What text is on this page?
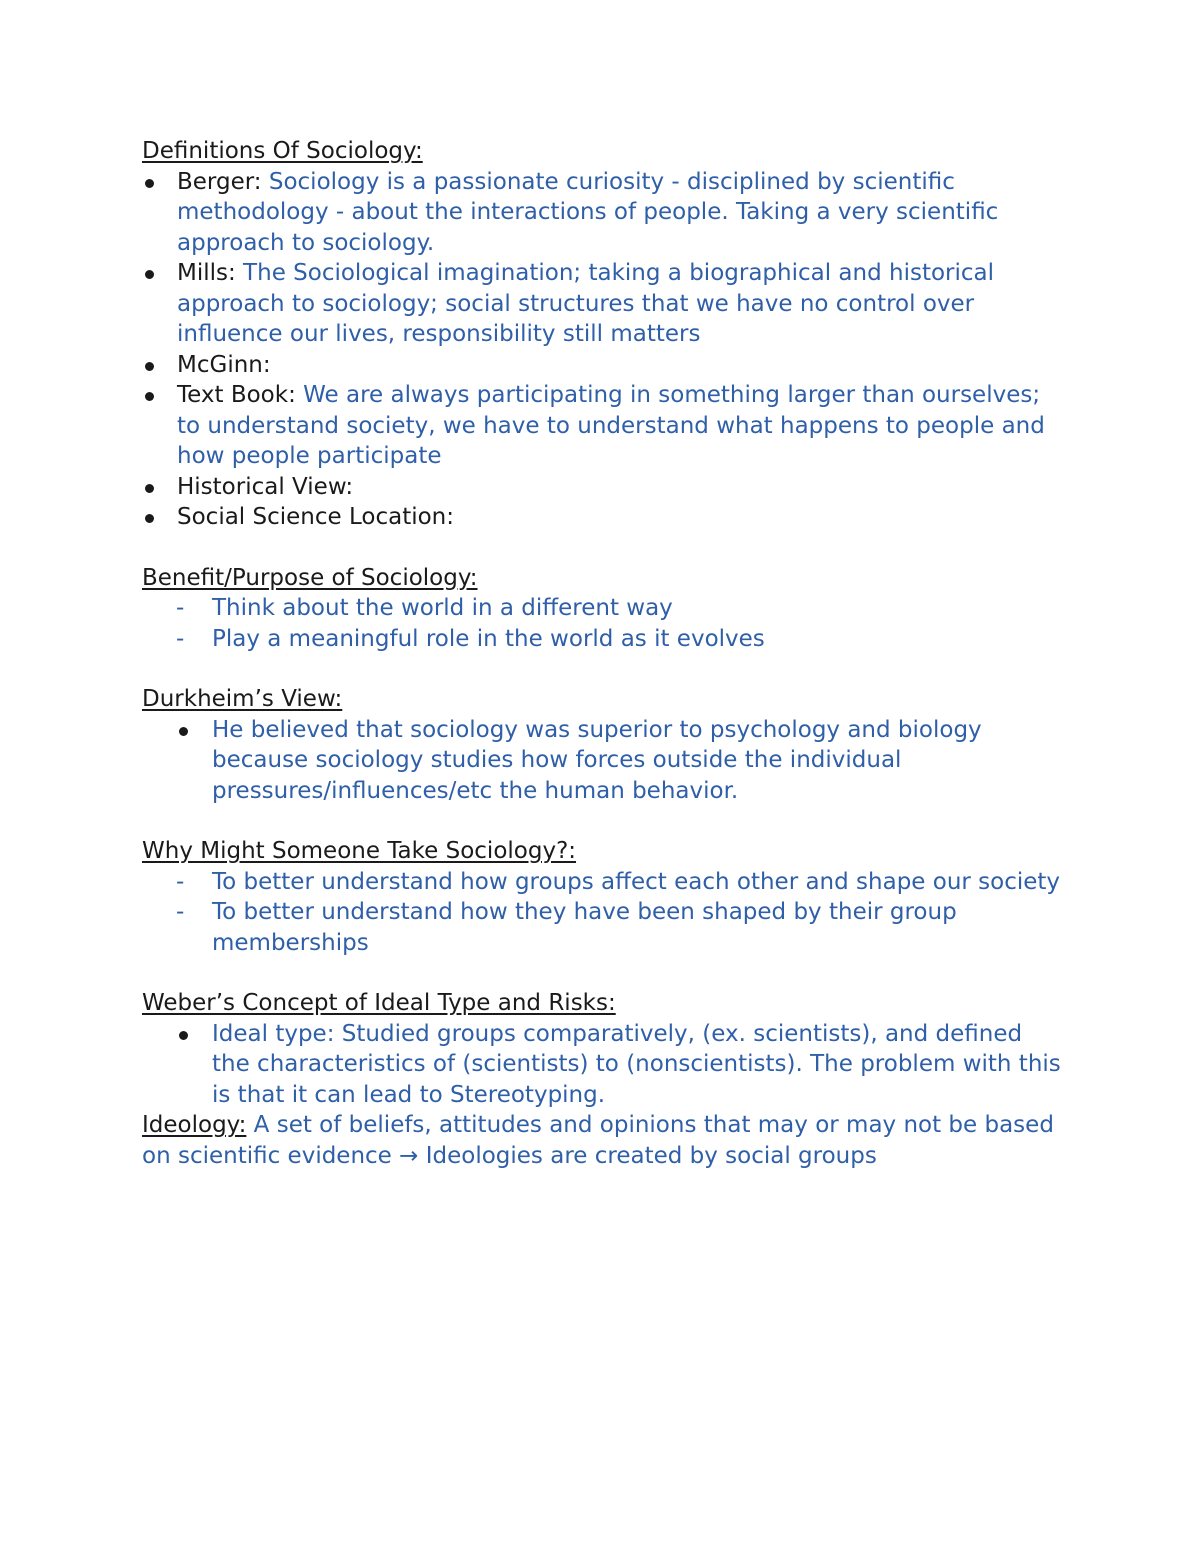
Definitions Of Sociology:

Berger: Sociology is a passionate curiosity - disciplined by scientific methodology - about the interactions of people. Taking a very scientific approach to sociology.
Mills: The Sociological imagination; taking a biographical and historical approach to sociology; social structures that we have no control over influence our lives, responsibility still matters
McGinn:
Text Book: We are always participating in something larger than ourselves; to understand society, we have to understand what happens to people and how people participate
Historical View:
Social Science Location:

Benefit/Purpose of Sociology:

- Think about the world in a different way
- Play a meaningful role in the world as it evolves

Durkheim’s View:

He believed that sociology was superior to psychology and biology because sociology studies how forces outside the individual pressures/influences/etc the human behavior.

Why Might Someone Take Sociology?:

- To better understand how groups affect each other and shape our society
- To better understand how they have been shaped by their group memberships

Weber’s Concept of Ideal Type and Risks:

Ideal type: Studied groups comparatively, (ex. scientists), and defined the characteristics of (scientists) to (nonscientists). The problem with this is that it can lead to Stereotyping.

Ideology: A set of beliefs, attitudes and opinions that may or may not be based on scientific evidence → Ideologies are created by social groups
